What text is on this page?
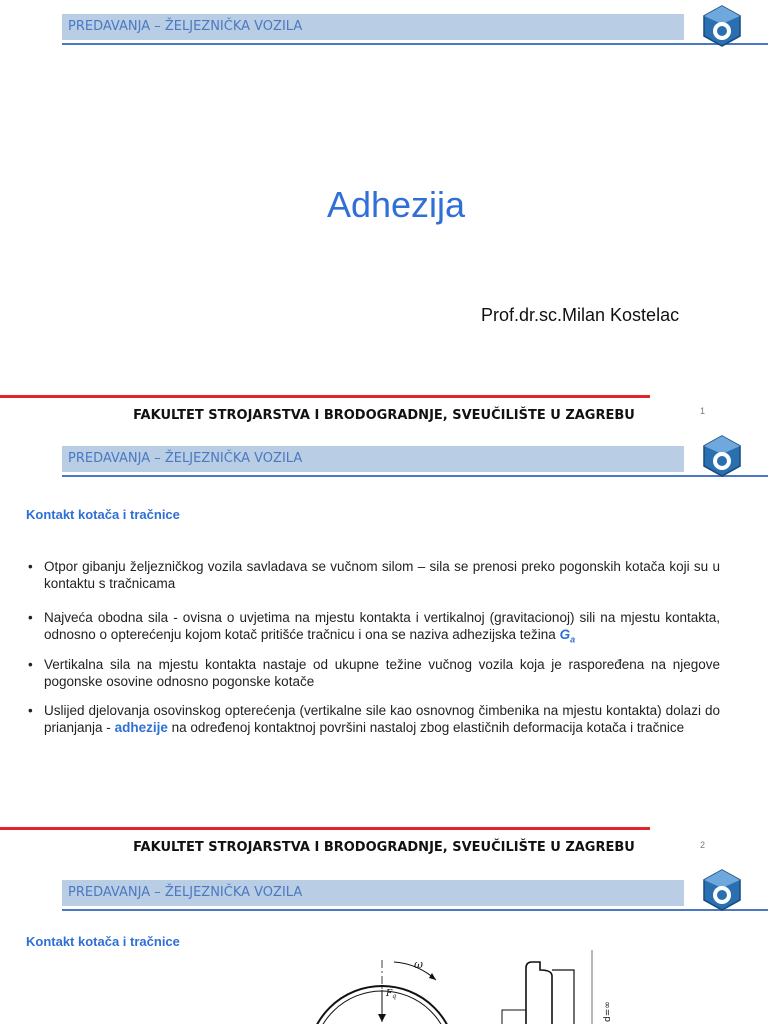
PREDAVANJA – ŽELJEZNIČKA VOZILA
Adhezija
Prof.dr.sc.Milan Kostelac
FAKULTET STROJARSTVA I BRODOGRADNJE, SVEUČILIŠTE U ZAGREBU	1
PREDAVANJA – ŽELJEZNIČKA VOZILA
Kontakt kotača i tračnice
• Otpor gibanju željezničkog vozila savladava se vučnom silom – sila se prenosi preko pogonskih kotača koji su u kontaktu s tračnicama
• Najveća obodna sila - ovisna o uvjetima na mjestu kontakta i vertikalnoj (gravitacionoj) sili na mjestu kontakta, odnosno o opterećenju kojom kotač pritišće tračnicu i ona se naziva adhezijska težina $G_a$
• Vertikalna sila na mjestu kontakta nastaje od ukupne težine vučnog vozila koja je raspoređena na njegove pogonske osovine odnosno pogonske kotače
• Uslijed djelovanja osovinskog opterećenja (vertikalne sile kao osnovnog čimbenika na mjestu kontakta) dolazi do prianjanja - adhezije na određenoj kontaktnoj površini nastaloj zbog elastičnih deformacija kotača i tračnice
FAKULTET STROJARSTVA I BRODOGRADNJE, SVEUČILIŠTE U ZAGREBU	2
PREDAVANJA – ŽELJEZNIČKA VOZILA
Kontakt kotača i tračnice
ω
$F_q$
d=∞
